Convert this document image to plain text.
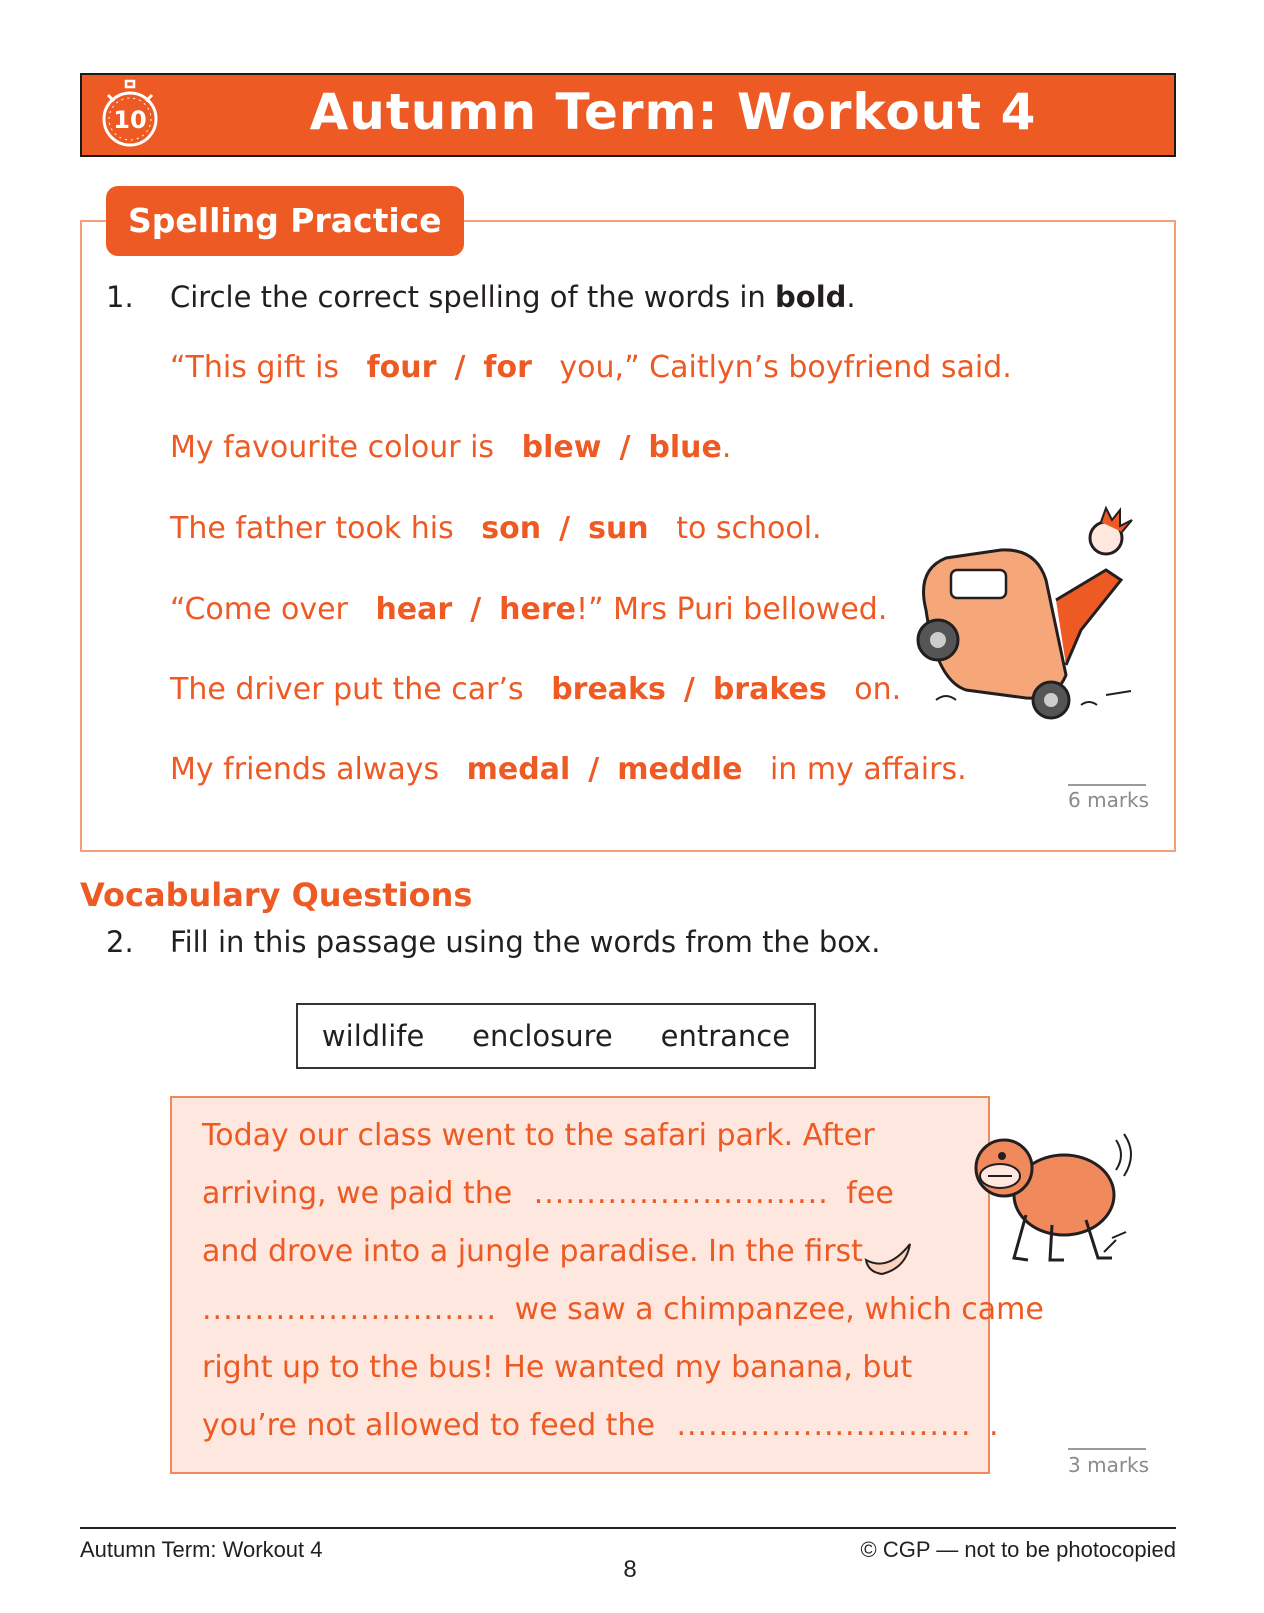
10	Autumn Term: Workout 4
Spelling Practice
1. Circle the correct spelling of the words in bold.
“This gift is four / for you,” Caitlyn’s boyfriend said.
My favourite colour is blew / blue.
The father took his son / sun to school.
“Come over hear / here!” Mrs Puri bellowed.
The driver put the car’s breaks / brakes on.
My friends always medal / meddle in my affairs.
6 marks
Vocabulary Questions
2. Fill in this passage using the words from the box.
wildlife enclosure entrance
Today our class went to the safari park. After
arriving, we paid the ............................ fee
and drove into a jungle paradise. In the first
............................ we saw a chimpanzee, which came
right up to the bus! He wanted my banana, but
you’re not allowed to feed the ............................ .
3 marks
Autumn Term: Workout 4
8
© CGP — not to be photocopied
